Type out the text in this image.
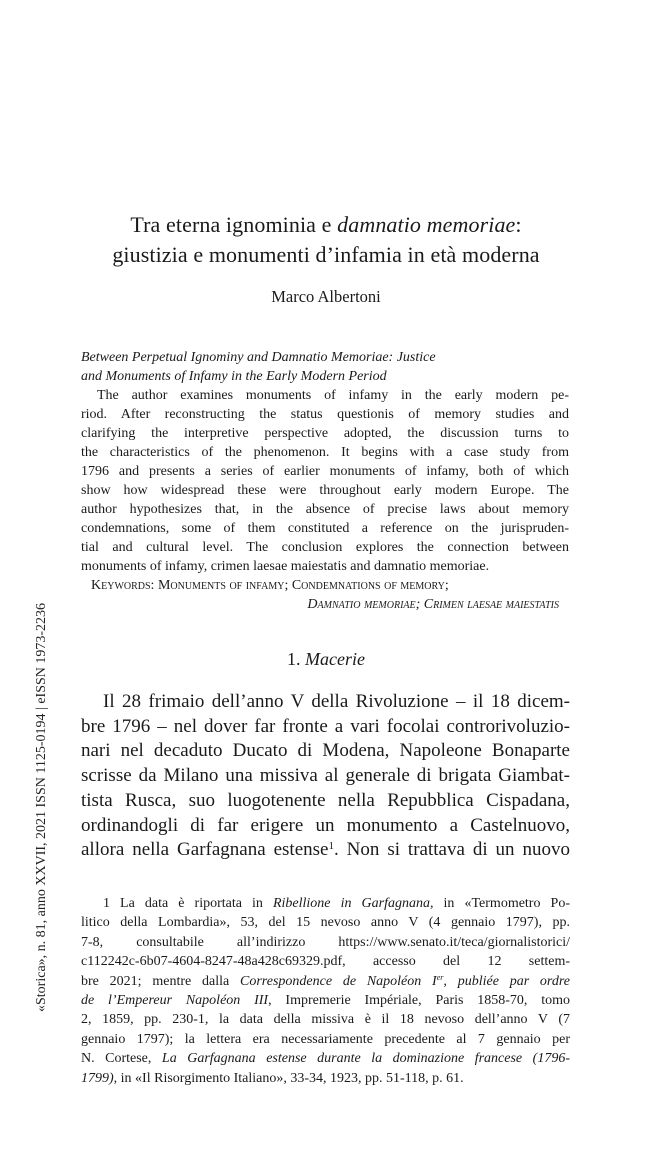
Tra eterna ignominia e damnatio memoriae:
giustizia e monumenti d’infamia in età moderna
Marco Albertoni
Between Perpetual Ignominy and Damnatio Memoriae: Justice
and Monuments of Infamy in the Early Modern Period
The author examines monuments of infamy in the early modern pe-
riod. After reconstructing the status questionis of memory studies and
clarifying the interpretive perspective adopted, the discussion turns to
the characteristics of the phenomenon. It begins with a case study from
1796 and presents a series of earlier monuments of infamy, both of which
show how widespread these were throughout early modern Europe. The
author hypothesizes that, in the absence of precise laws about memory
condemnations, some of them constituted a reference on the jurispruden-
tial and cultural level. The conclusion explores the connection between
monuments of infamy, crimen laesae maiestatis and damnatio memoriae.
Keywords: Monuments of infamy; Condemnations of memory;
Damnatio memoriae; Crimen laesae maiestatis
1. Macerie
Il 28 frimaio dell’anno V della Rivoluzione – il 18 dicem-
bre 1796 – nel dover far fronte a vari focolai controrivoluzio-
nari nel decaduto Ducato di Modena, Napoleone Bonaparte
scrisse da Milano una missiva al generale di brigata Giambat-
tista Rusca, suo luogotenente nella Repubblica Cispadana,
ordinandogli di far erigere un monumento a Castelnuovo,
allora nella Garfagnana estense$^1$. Non si trattava di un nuovo
1 La data è riportata in Ribellione in Garfagnana, in «Termometro Po-
litico della Lombardia», 53, del 15 nevoso anno V (4 gennaio 1797), pp.
7-8, consultabile all’indirizzo https://www.senato.it/teca/giornalistorici/
c112242c-6b07-4604-8247-48a428c69329.pdf, accesso del 12 settem-
bre 2021; mentre dalla Correspondence de Napoléon Ier, publiée par ordre
de l’Empereur Napoléon III, Impremerie Impériale, Paris 1858-70, tomo
2, 1859, pp. 230-1, la data della missiva è il 18 nevoso dell’anno V (7
gennaio 1797); la lettera era necessariamente precedente al 7 gennaio per
N. Cortese, La Garfagnana estense durante la dominazione francese (1796-
1799), in «Il Risorgimento Italiano», 33-34, 1923, pp. 51-118, p. 61.
«Storica», n. 81, anno XXVII, 2021 ISSN 1125-0194 | eISSN 1973-2236
